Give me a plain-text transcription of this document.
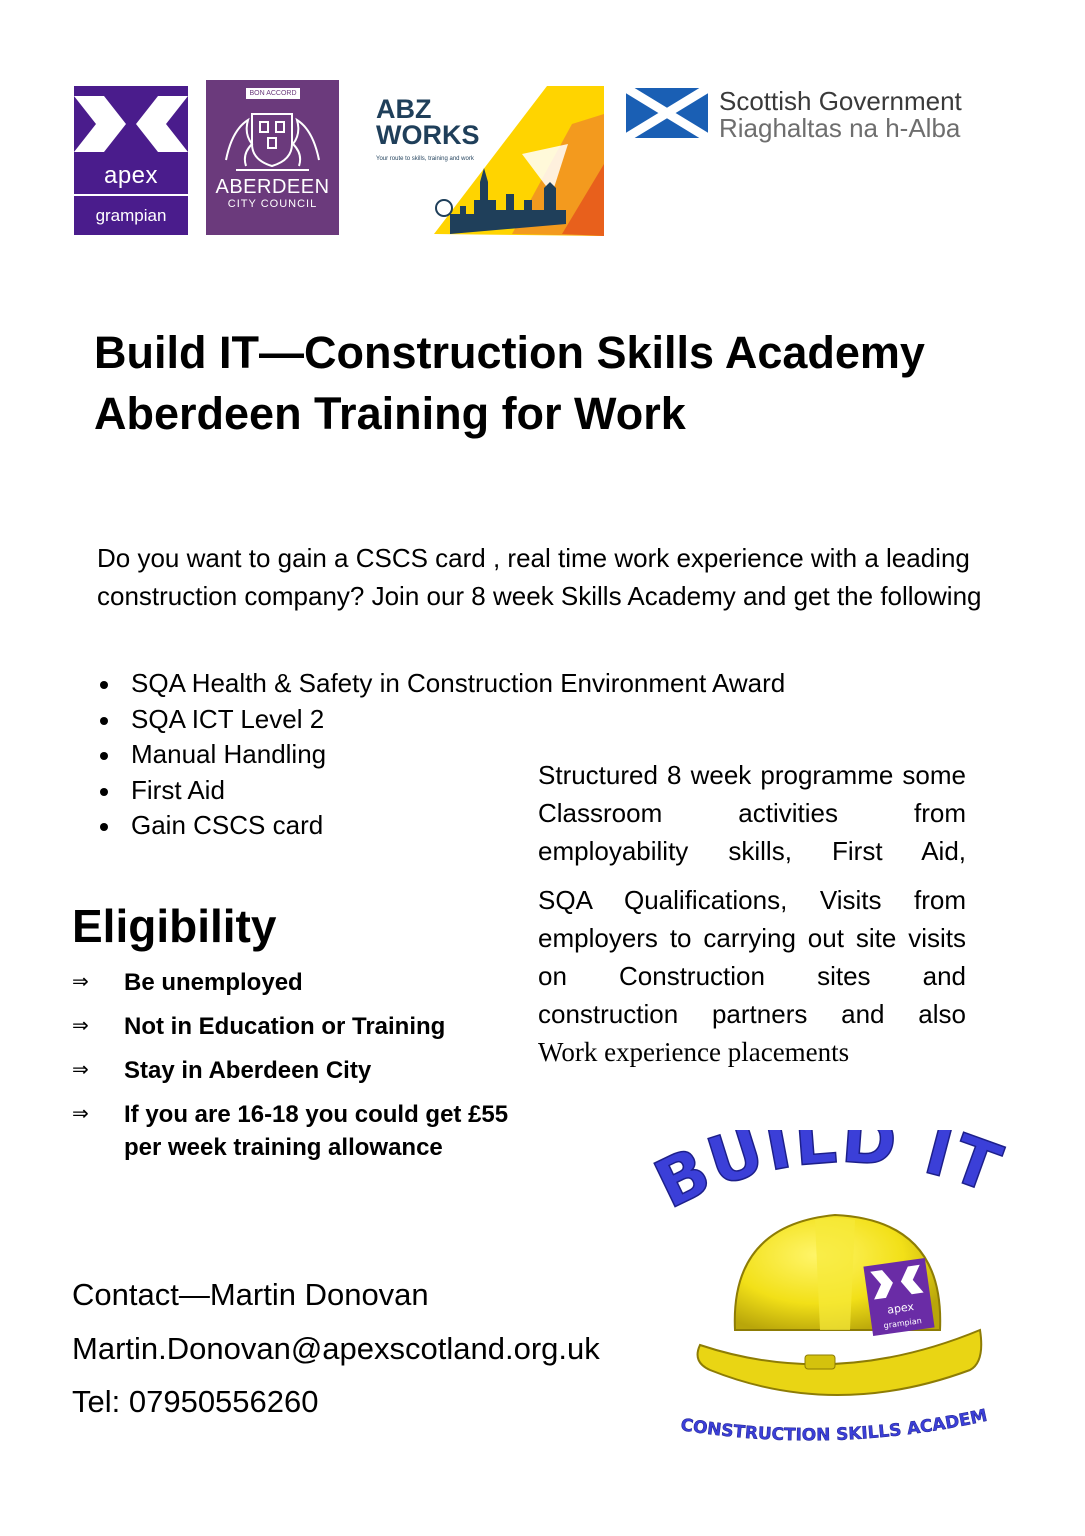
apex
grampian
BON ACCORD
ABERDEEN
CITY COUNCIL
ABZ
WORKS
Your route to skills, training and work
Scottish Government
Riaghaltas na h-Alba
Build IT—Construction Skills Academy
Aberdeen Training for Work
Do you want to gain a CSCS card , real time work experience with a leading construction company? Join our 8 week Skills Academy and get the following
SQA Health & Safety in Construction Environment Award
SQA ICT Level 2
Manual Handling
First Aid
Gain CSCS card

Structured 8 week programme some Classroom activities from employability skills, First Aid,

SQA Qualifications, Visits from employers to carrying out site visits on Construction sites and construction partners and also

Work experience placements

Eligibility
⇒ Be unemployed
⇒ Not in Education or Training
⇒ Stay in Aberdeen City
⇒ If you are 16-18 you could get £55 per week training allowance
Contact—Martin Donovan
Martin.Donovan@apexscotland.org.uk
Tel: 07950556260
BUILD IT
apex
grampian
CONSTRUCTION SKILLS ACADEM
